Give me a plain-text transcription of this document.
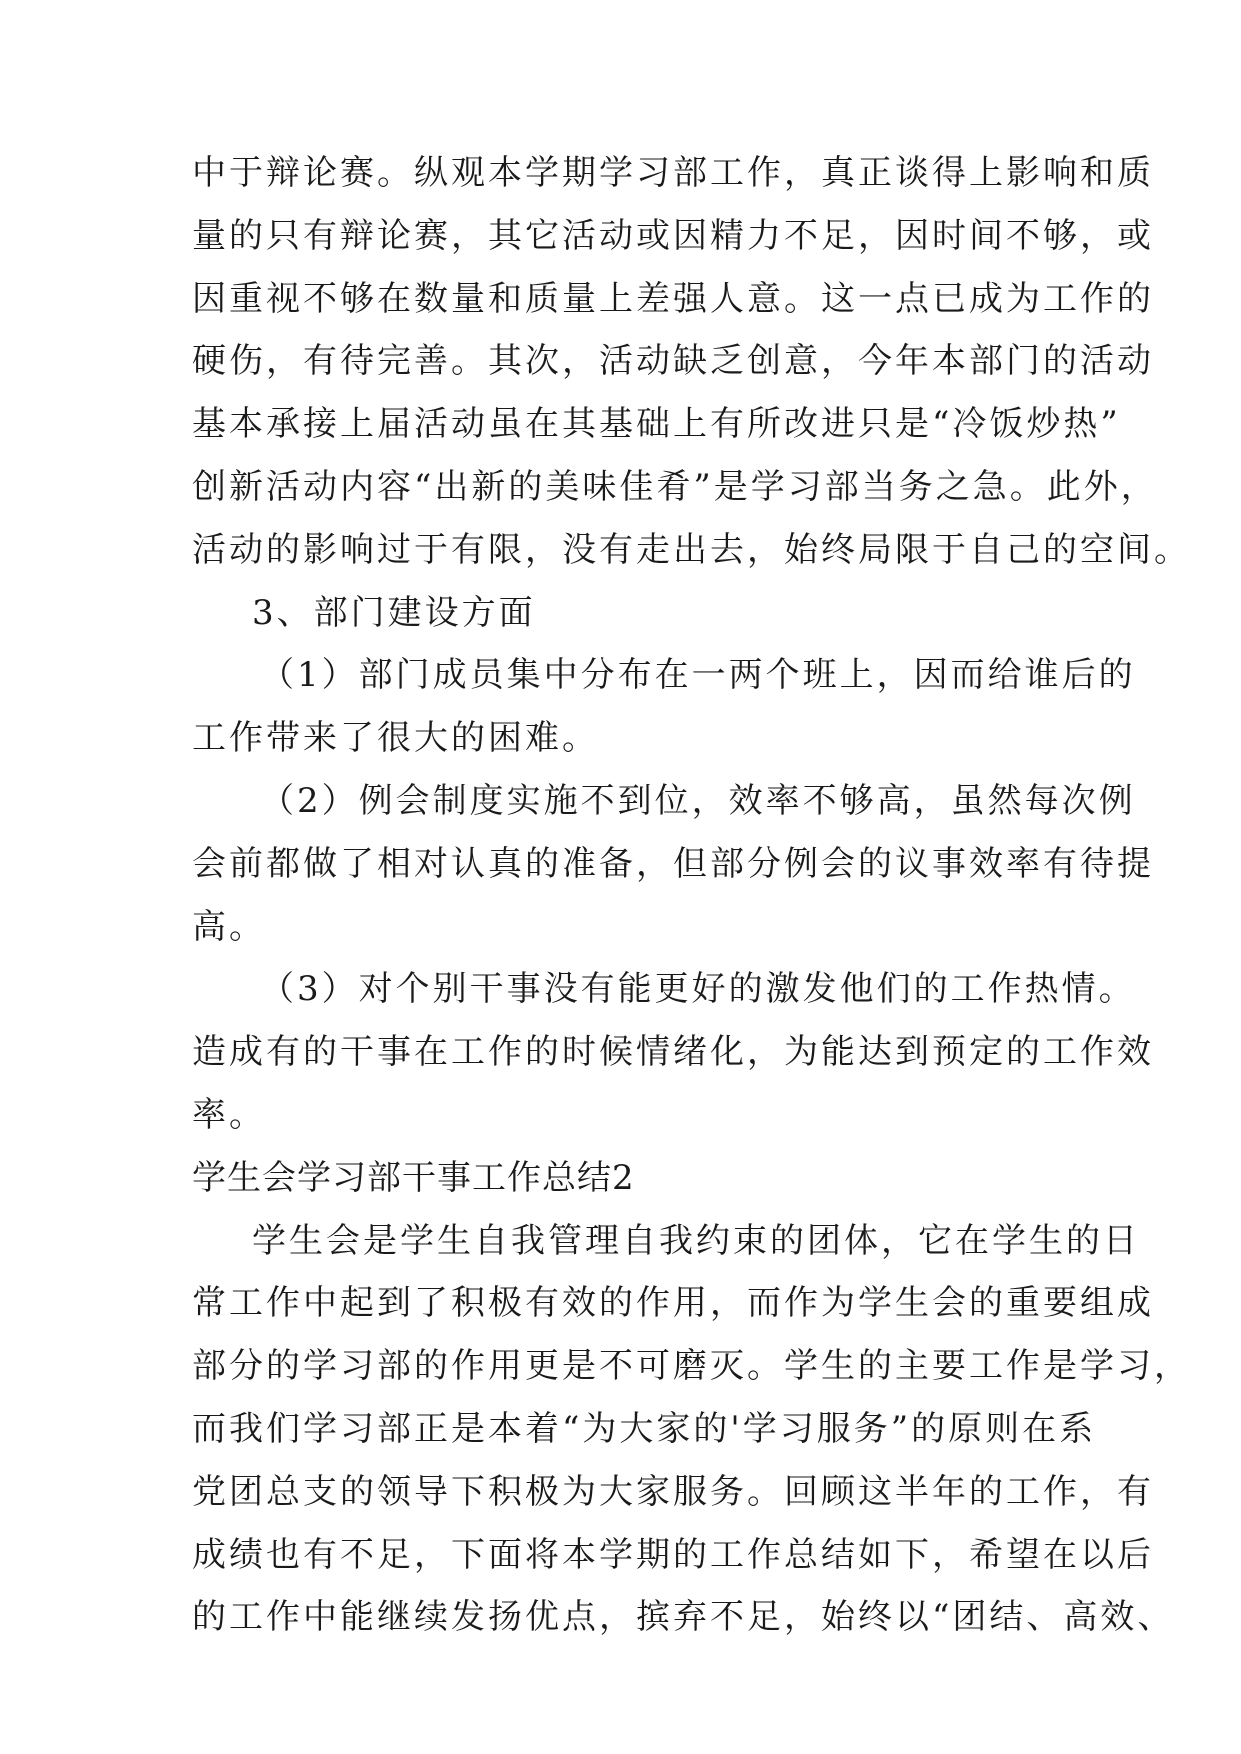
中于辩论赛。纵观本学期学习部工作，真正谈得上影响和质
量的只有辩论赛，其它活动或因精力不足，因时间不够，或
因重视不够在数量和质量上差强人意。这一点已成为工作的
硬伤，有待完善。其次，活动缺乏创意，今年本部门的活动
基本承接上届活动虽在其基础上有所改进只是“冷饭炒热”
创新活动内容“出新的美味佳肴”是学习部当务之急。此外，
活动的影响过于有限，没有走出去，始终局限于自己的空间。
3、部门建设方面
（1）部门成员集中分布在一两个班上，因而给谁后的
工作带来了很大的困难。
（2）例会制度实施不到位，效率不够高，虽然每次例
会前都做了相对认真的准备，但部分例会的议事效率有待提
高。
（3）对个别干事没有能更好的激发他们的工作热情。
造成有的干事在工作的时候情绪化，为能达到预定的工作效
率。
学生会学习部干事工作总结2
学生会是学生自我管理自我约束的团体，它在学生的日
常工作中起到了积极有效的作用，而作为学生会的重要组成
部分的学习部的作用更是不可磨灭。学生的主要工作是学习，
而我们学习部正是本着“为大家的'学习服务”的原则在系
党团总支的领导下积极为大家服务。回顾这半年的工作，有
成绩也有不足，下面将本学期的工作总结如下，希望在以后
的工作中能继续发扬优点，摈弃不足，始终以“团结、高效、
